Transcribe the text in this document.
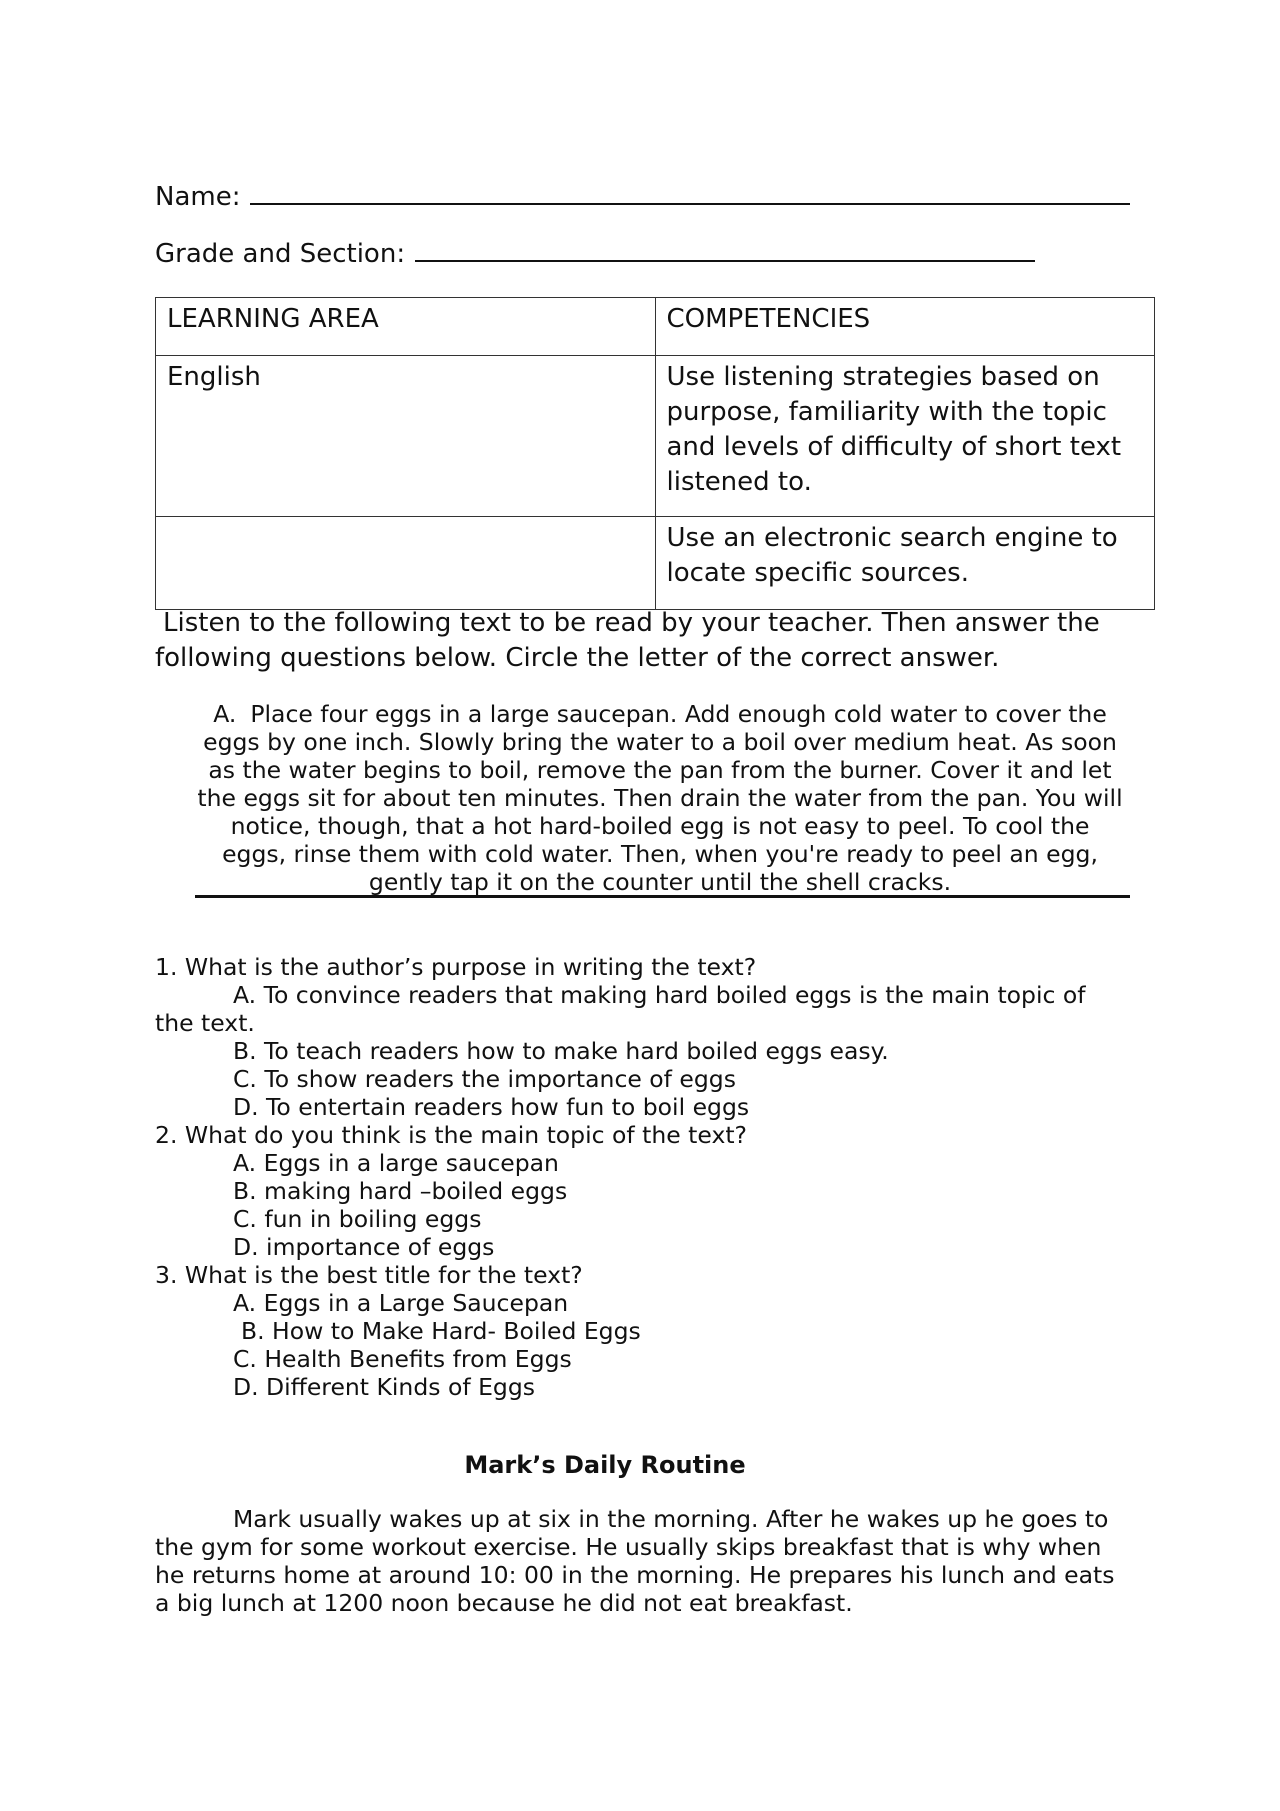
Name:
Grade and Section:
LEARNING AREA	COMPETENCIES
English	Use listening strategies based on purpose, familiarity with the topic and levels of difficulty of short text listened to.
	Use an electronic search engine to locate specific sources.
Listen to the following text to be read by your teacher. Then answer the following questions below. Circle the letter of the correct answer.
A. Place four eggs in a large saucepan. Add enough cold water to cover the eggs by one inch. Slowly bring the water to a boil over medium heat. As soon as the water begins to boil, remove the pan from the burner. Cover it and let the eggs sit for about ten minutes. Then drain the water from the pan. You will notice, though, that a hot hard-boiled egg is not easy to peel. To cool the eggs, rinse them with cold water. Then, when you're ready to peel an egg, gently tap it on the counter until the shell cracks.

1. What is the author’s purpose in writing the text?

A. To convince readers that making hard boiled eggs is the main topic of the text.

B. To teach readers how to make hard boiled eggs easy.

C. To show readers the importance of eggs

D. To entertain readers how fun to boil eggs

2. What do you think is the main topic of the text?

A. Eggs in a large saucepan

B. making hard –boiled eggs

C. fun in boiling eggs

D. importance of eggs

3. What is the best title for the text?

A. Eggs in a Large Saucepan

B. How to Make Hard- Boiled Eggs

C. Health Benefits from Eggs

D. Different Kinds of Eggs

Mark’s Daily Routine

Mark usually wakes up at six in the morning. After he wakes up he goes to the gym for some workout exercise. He usually skips breakfast that is why when he returns home at around 10: 00 in the morning. He prepares his lunch and eats a big lunch at 1200 noon because he did not eat breakfast.
